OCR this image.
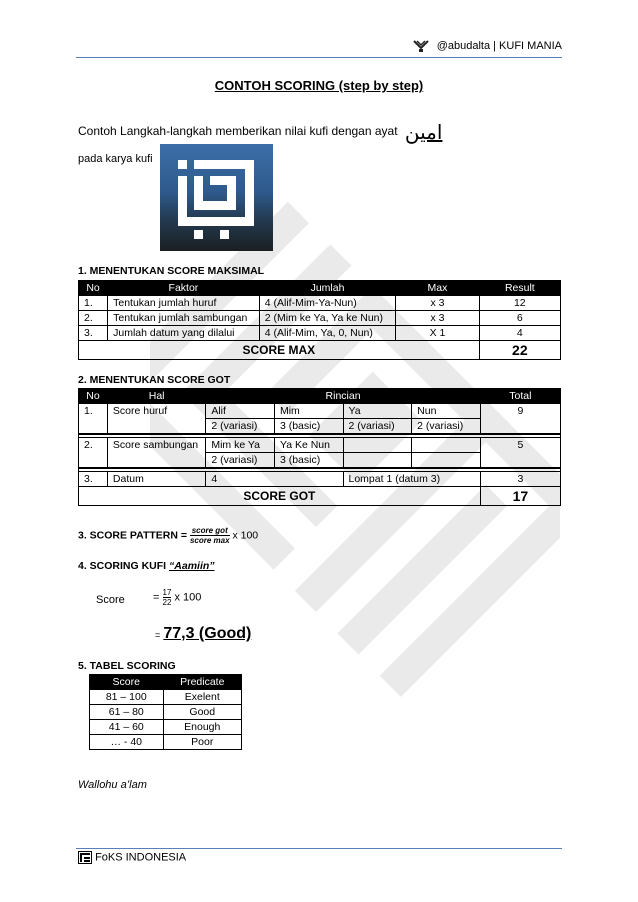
@abudalta | KUFI MANIA
CONTOH SCORING (step by step)
Contoh Langkah-langkah memberikan nilai kufi dengan ayat امين
pada karya kufi
1. MENENTUKAN SCORE MAKSIMAL
No	Faktor	Jumlah	Max	Result
1.	Tentukan jumlah huruf	4 (Alif-Mim-Ya-Nun)	x 3	12
2.	Tentukan jumlah sambungan	2 (Mim ke Ya, Ya ke Nun)	x 3	6
3.	Jumlah datum yang dilalui	4 (Alif-Mim, Ya, 0, Nun)	X 1	4
SCORE MAX				22
2. MENENTUKAN SCORE GOT
No	Hal	Rincian				Total
1.	Score huruf	Alif	Mim	Ya	Nun	9
		2 (variasi)	3 (basic)	2 (variasi)	2 (variasi)	

2.	Score sambungan	Mim ke Ya	Ya Ke Nun			5
		2 (variasi)	3 (basic)			

3.	Datum	4		Lompat 1 (datum 3)		3
SCORE GOT						17
3. SCORE PATTERN = $\frac{\text{score got}}{\text{score max}}$ x 100
4. SCORING KUFI “Aamiin”
Score	= $\frac{17}{22}$ x 100
= 77,3 (Good)
5. TABEL SCORING
Score	Predicate
81 – 100	Exelent
61 – 80	Good
41 – 60	Enough
… - 40	Poor
Wallohu a’lam
FoKS INDONESIA
